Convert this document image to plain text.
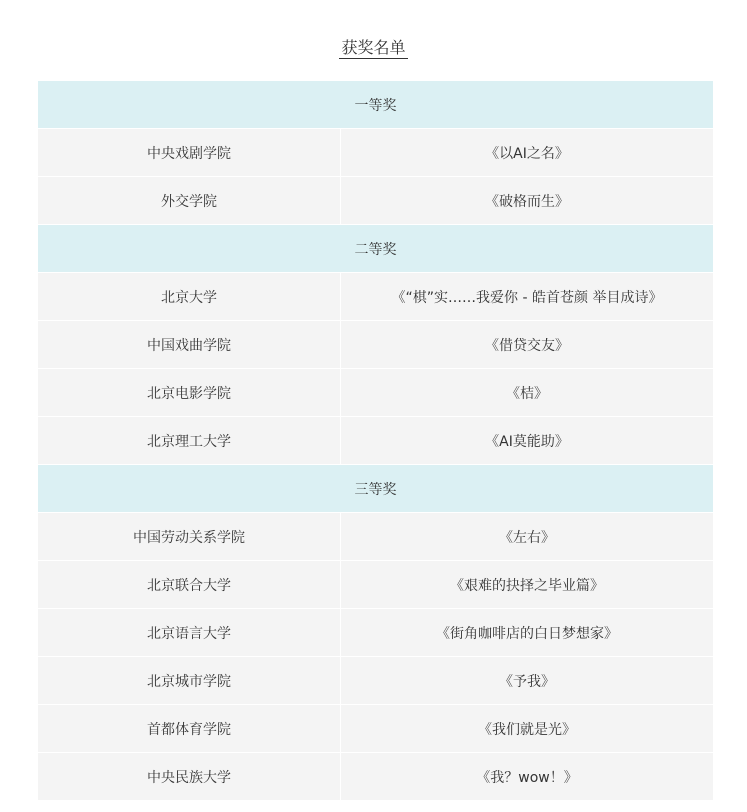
获奖名单
一等奖	
中央戏剧学院	《以AI之名》
外交学院	《破格而生》
二等奖	
北京大学	《“棋”实……我爱你 - 皓首苍颜 举目成诗》
中国戏曲学院	《借贷交友》
北京电影学院	《桔》
北京理工大学	《AI莫能助》
三等奖	
中国劳动关系学院	《左右》
北京联合大学	《艰难的抉择之毕业篇》
北京语言大学	《街角咖啡店的白日梦想家》
北京城市学院	《予我》
首都体育学院	《我们就是光》
中央民族大学	《我？wow！》
